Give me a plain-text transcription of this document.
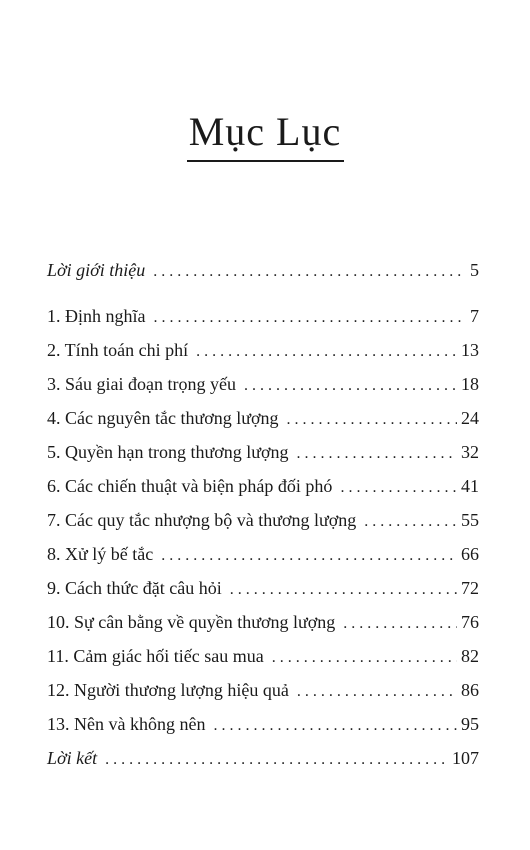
Mục Lục
Lời giới thiệu . . .	5
1. Định nghĩa . . .	7
2. Tính toán chi phí . . .	13
3. Sáu giai đoạn trọng yếu . . .	18
4. Các nguyên tắc thương lượng . . .	24
5. Quyền hạn trong thương lượng . . .	32
6. Các chiến thuật và biện pháp đối phó . . .	41
7. Các quy tắc nhượng bộ và thương lượng . . .	55
8. Xử lý bế tắc . . .	66
9. Cách thức đặt câu hỏi . . .	72
10. Sự cân bằng về quyền thương lượng . . .	76
11. Cảm giác hối tiếc sau mua . . .	82
12. Người thương lượng hiệu quả . . .	86
13. Nên và không nên . . .	95
Lời kết . . .	107
